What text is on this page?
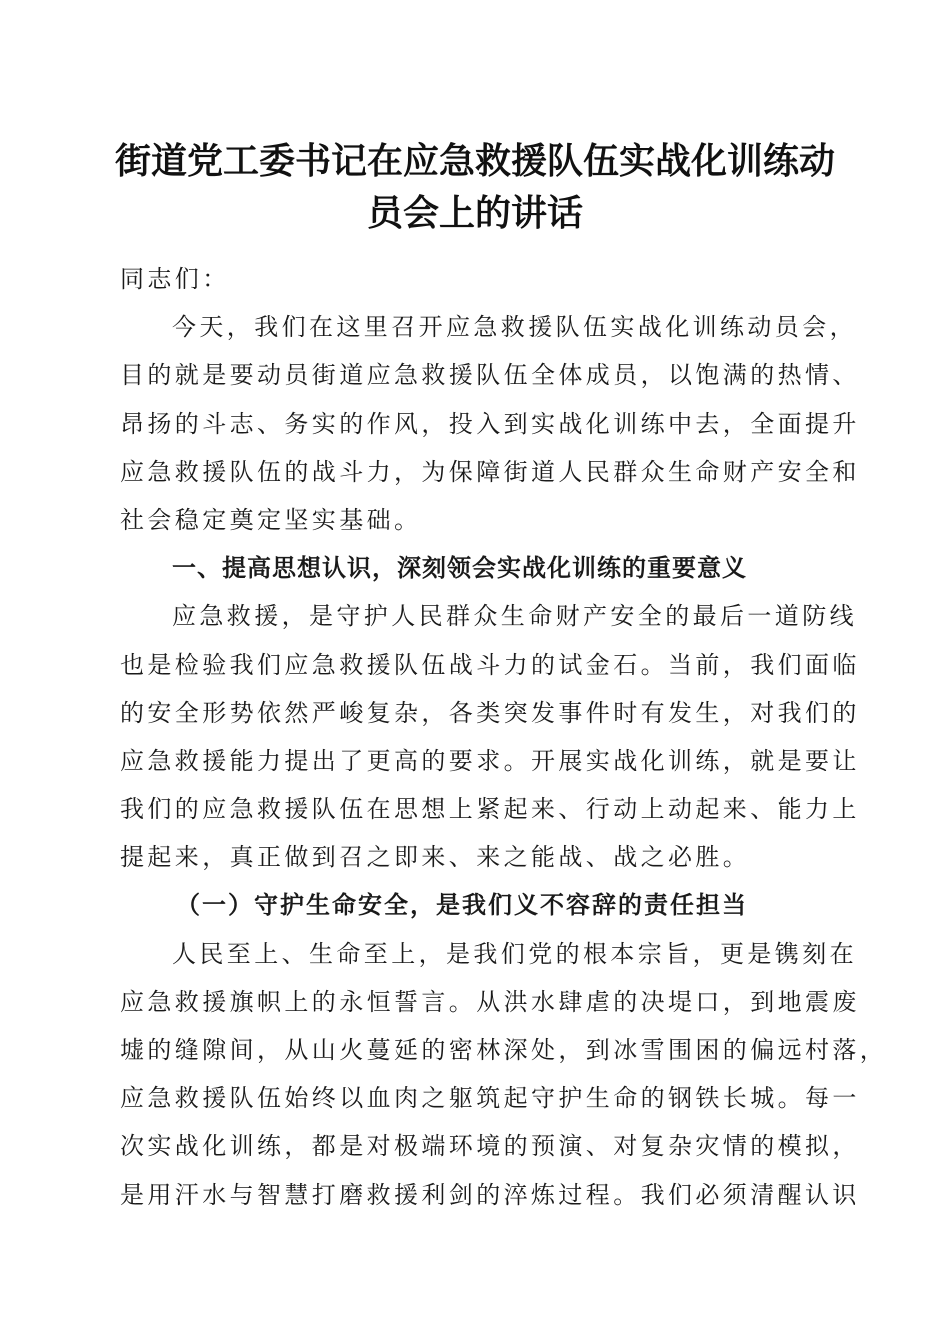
街道党工委书记在应急救援队伍实战化训练动
员会上的讲话
同志们：
今天，我们在这里召开应急救援队伍实战化训练动员会，
目的就是要动员街道应急救援队伍全体成员，以饱满的热情、
昂扬的斗志、务实的作风，投入到实战化训练中去，全面提升
应急救援队伍的战斗力，为保障街道人民群众生命财产安全和
社会稳定奠定坚实基础。
一、提高思想认识，深刻领会实战化训练的重要意义
应急救援，是守护人民群众生命财产安全的最后一道防线
也是检验我们应急救援队伍战斗力的试金石。当前，我们面临
的安全形势依然严峻复杂，各类突发事件时有发生，对我们的
应急救援能力提出了更高的要求。开展实战化训练，就是要让
我们的应急救援队伍在思想上紧起来、行动上动起来、能力上
提起来，真正做到召之即来、来之能战、战之必胜。
（一）守护生命安全，是我们义不容辞的责任担当
人民至上、生命至上，是我们党的根本宗旨，更是镌刻在
应急救援旗帜上的永恒誓言。从洪水肆虐的决堤口，到地震废
墟的缝隙间，从山火蔓延的密林深处，到冰雪围困的偏远村落，
应急救援队伍始终以血肉之躯筑起守护生命的钢铁长城。每一
次实战化训练，都是对极端环境的预演、对复杂灾情的模拟，
是用汗水与智慧打磨救援利剑的淬炼过程。我们必须清醒认识
